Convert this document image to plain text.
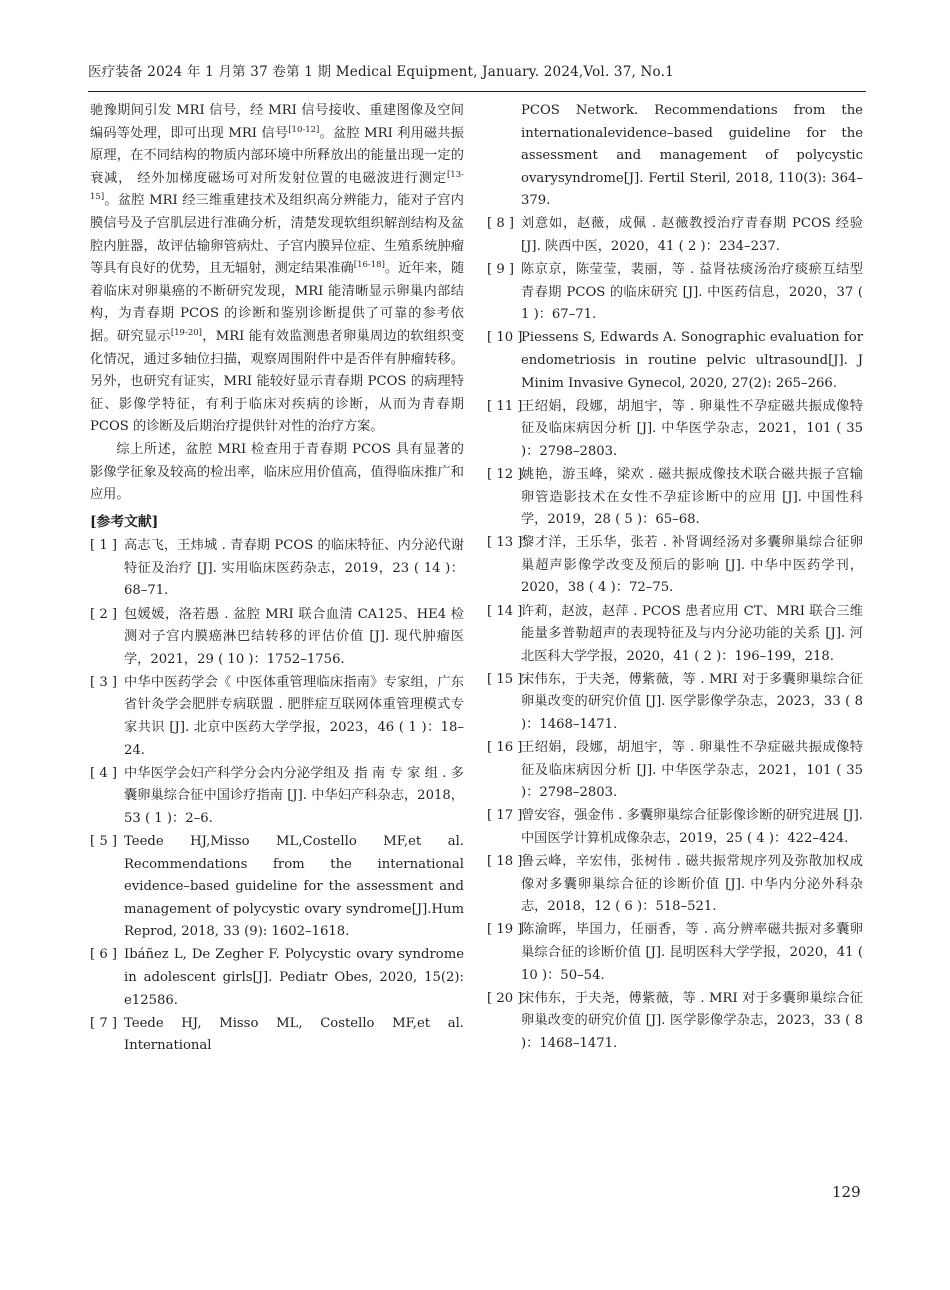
医疗装备 2024 年 1 月第 37 卷第 1 期 Medical Equipment, January. 2024,Vol. 37, No.1

驰豫期间引发 MRI 信号，经 MRI 信号接收、重建图像及空间编码等处理，即可出现 MRI 信号[10-12]。盆腔 MRI 利用磁共振原理，在不同结构的物质内部环境中所释放出的能量出现一定的衰减， 经外加梯度磁场可对所发射位置的电磁波进行测定[13-15]。盆腔 MRI 经三维重建技术及组织高分辨能力，能对子宫内膜信号及子宫肌层进行准确分析，清楚发现软组织解剖结构及盆腔内脏器，故评估输卵管病灶、子宫内膜异位症、生殖系统肿瘤等具有良好的优势，且无辐射，测定结果准确[16-18]。近年来，随着临床对卵巢癌的不断研究发现，MRI 能清晰显示卵巢内部结构，为青春期 PCOS 的诊断和鉴别诊断提供了可靠的参考依据。研究显示[19-20]，MRI 能有效监测患者卵巢周边的软组织变化情况，通过多轴位扫描，观察周围附件中是否伴有肿瘤转移。另外，也研究有证实，MRI 能较好显示青春期 PCOS 的病理特征、影像学特征，有利于临床对疾病的诊断，从而为青春期 PCOS 的诊断及后期治疗提供针对性的治疗方案。

综上所述，盆腔 MRI 检查用于青春期 PCOS 具有显著的影像学征象及较高的检出率，临床应用价值高，值得临床推广和应用。

[参考文献]
[ 1 ] 高志飞，王炜城 . 青春期 PCOS 的临床特征、内分泌代谢特征及治疗 [J]. 实用临床医药杂志，2019，23 ( 14 )：68–71.
[ 2 ] 包媛媛，洛若愚 . 盆腔 MRI 联合血清 CA125、HE4 检测对子宫内膜癌淋巴结转移的评估价值 [J]. 现代肿瘤医学，2021，29 ( 10 )：1752–1756.
[ 3 ] 中华中医药学会《 中医体重管理临床指南》专家组，广东省针灸学会肥胖专病联盟 . 肥胖症互联网体重管理模式专家共识 [J]. 北京中医药大学学报，2023，46 ( 1 )：18–24.
[ 4 ] 中华医学会妇产科学分会内分泌学组及 指 南 专 家 组 . 多囊卵巢综合征中国诊疗指南 [J]. 中华妇产科杂志，2018，53 ( 1 )：2–6.
[ 5 ] Teede HJ,Misso ML,Costello MF,et al. Recommendations from the international evidence–based guideline for the assessment and management of polycystic ovary syndrome[J].Hum Reprod, 2018, 33 (9): 1602–1618.
[ 6 ] Ibáñez L, De Zegher F. Polycystic ovary syndrome in adolescent girls[J]. Pediatr Obes, 2020, 15(2): e12586.
[ 7 ] Teede HJ, Misso ML, Costello MF,et al. International
PCOS Network. Recommendations from the internationalevidence–based guideline for the assessment and management of polycystic ovarysyndrome[J]. Fertil Steril, 2018, 110(3): 364–379.
[ 8 ] 刘意如，赵薇，成佩 . 赵薇教授治疗青春期 PCOS 经验 [J]. 陕西中医，2020，41 ( 2 )：234–237.
[ 9 ] 陈京京，陈莹莹，裴丽，等 . 益肾祛痰汤治疗痰瘀互结型青春期 PCOS 的临床研究 [J]. 中医药信息，2020，37 ( 1 )：67–71.
[ 10 ]
Piessens S, Edwards A. Sonographic evaluation for endometriosis in routine pelvic ultrasound[J]. J Minim Invasive Gynecol, 2020, 27(2): 265–266.
[ 11 ]
王绍娟，段娜，胡旭宇，等 . 卵巢性不孕症磁共振成像特征及临床病因分析 [J]. 中华医学杂志，2021，101 ( 35 )：2798–2803.
[ 12 ]
姚艳，游玉峰，梁欢 . 磁共振成像技术联合磁共振子宫输卵管造影技术在女性不孕症诊断中的应用 [J]. 中国性科学，2019，28 ( 5 )：65–68.
[ 13 ]
黎才洋，王乐华，张若 . 补肾调经汤对多囊卵巢综合征卵巢超声影像学改变及预后的影响 [J]. 中华中医药学刊，2020，38 ( 4 )：72–75.
[ 14 ]
许莉，赵波，赵萍 . PCOS 患者应用 CT、MRI 联合三维能量多普勒超声的表现特征及与内分泌功能的关系 [J]. 河北医科大学学报，2020，41 ( 2 )：196–199，218.
[ 15 ]
宋伟东，于夫尧，傅紫薇，等 . MRI 对于多囊卵巢综合征卵巢改变的研究价值 [J]. 医学影像学杂志，2023，33 ( 8 )：1468–1471.
[ 16 ]
王绍娟，段娜，胡旭宇，等 . 卵巢性不孕症磁共振成像特征及临床病因分析 [J]. 中华医学杂志，2021，101 ( 35 )：2798–2803.
[ 17 ]
曾安容，强金伟 . 多囊卵巢综合征影像诊断的研究进展 [J]. 中国医学计算机成像杂志，2019，25 ( 4 )：422–424.
[ 18 ]
鲁云峰，辛宏伟，张树伟 . 磁共振常规序列及弥散加权成像对多囊卵巢综合征的诊断价值 [J]. 中华内分泌外科杂志，2018，12 ( 6 )：518–521.
[ 19 ]
陈渝晖，毕国力，任丽香，等 . 高分辨率磁共振对多囊卵巢综合征的诊断价值 [J]. 昆明医科大学学报，2020，41 ( 10 )：50–54.
[ 20 ]
宋伟东，于夫尧，傅紫薇，等 . MRI 对于多囊卵巢综合征卵巢改变的研究价值 [J]. 医学影像学杂志，2023，33 ( 8 )：1468–1471.
129
